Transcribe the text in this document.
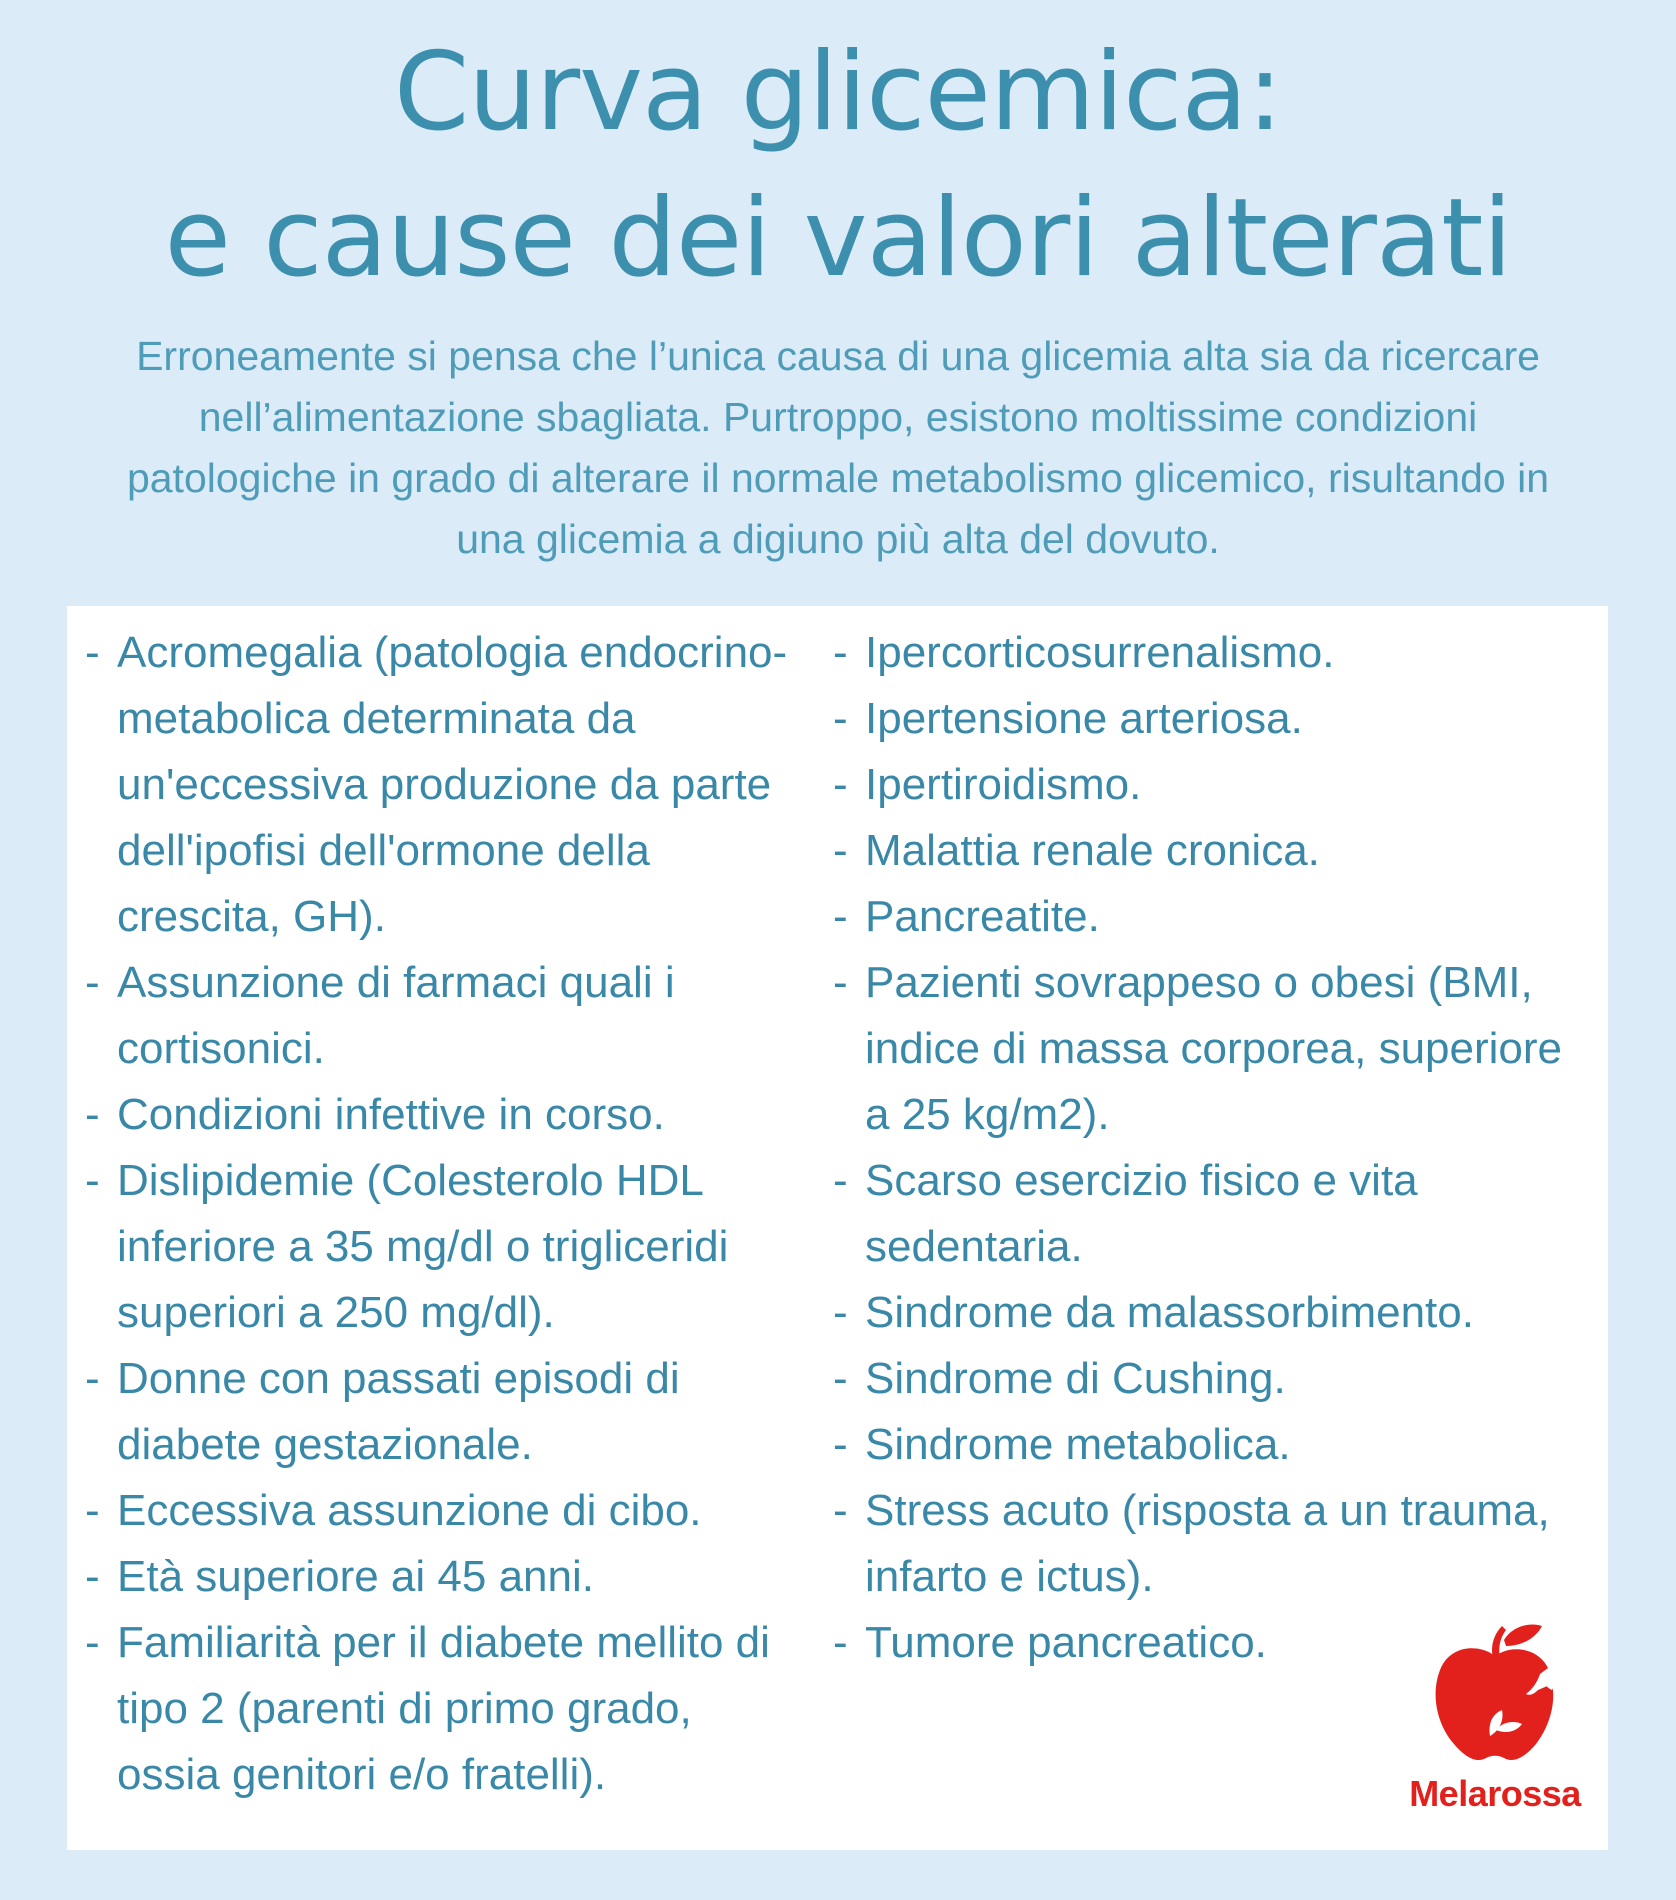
Curva glicemica:
e cause dei valori alterati

Erroneamente si pensa che l’unica causa di una glicemia alta sia da ricercare nell’alimentazione sbagliata. Purtroppo, esistono moltissime condizioni patologiche in grado di alterare il normale metabolismo glicemico, risultando in una glicemia a digiuno più alta del dovuto.

- Acromegalia (patologia endocrino-metabolica determinata da un'eccessiva produzione da parte dell'ipofisi dell'ormone della crescita, GH).
- Assunzione di farmaci quali i cortisonici.
- Condizioni infettive in corso.
- Dislipidemie (Colesterolo HDL inferiore a 35 mg/dl o trigliceridi superiori a 250 mg/dl).
- Donne con passati episodi di diabete gestazionale.
- Eccessiva assunzione di cibo.
- Età superiore ai 45 anni.
- Familiarità per il diabete mellito di tipo 2 (parenti di primo grado, ossia genitori e/o fratelli).
- Ipercorticosurrenalismo.
- Ipertensione arteriosa.
- Ipertiroidismo.
- Malattia renale cronica.
- Pancreatite.
- Pazienti sovrappeso o obesi (BMI, indice di massa corporea, superiore a 25 kg/m2).
- Scarso esercizio fisico e vita sedentaria.
- Sindrome da malassorbimento.
- Sindrome di Cushing.
- Sindrome metabolica.
- Stress acuto (risposta a un trauma, infarto e ictus).
- Tumore pancreatico.
Melarossa
